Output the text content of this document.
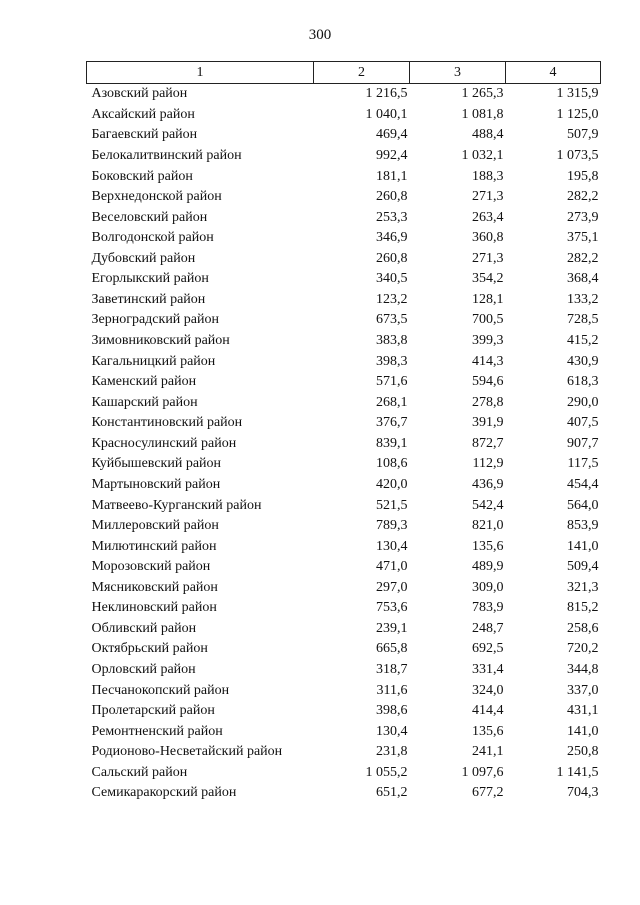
300
1	2	3	4
Азовский район	1 216,5	1 265,3	1 315,9
Аксайский район	1 040,1	1 081,8	1 125,0
Багаевский район	469,4	488,4	507,9
Белокалитвинский район	992,4	1 032,1	1 073,5
Боковский район	181,1	188,3	195,8
Верхнедонской район	260,8	271,3	282,2
Веселовский район	253,3	263,4	273,9
Волгодонской район	346,9	360,8	375,1
Дубовский район	260,8	271,3	282,2
Егорлыкский район	340,5	354,2	368,4
Заветинский район	123,2	128,1	133,2
Зерноградский район	673,5	700,5	728,5
Зимовниковский район	383,8	399,3	415,2
Кагальницкий район	398,3	414,3	430,9
Каменский район	571,6	594,6	618,3
Кашарский район	268,1	278,8	290,0
Константиновский район	376,7	391,9	407,5
Красносулинский район	839,1	872,7	907,7
Куйбышевский район	108,6	112,9	117,5
Мартыновский район	420,0	436,9	454,4
Матвеево-Курганский район	521,5	542,4	564,0
Миллеровский район	789,3	821,0	853,9
Милютинский район	130,4	135,6	141,0
Морозовский район	471,0	489,9	509,4
Мясниковский район	297,0	309,0	321,3
Неклиновский район	753,6	783,9	815,2
Обливский район	239,1	248,7	258,6
Октябрьский район	665,8	692,5	720,2
Орловский район	318,7	331,4	344,8
Песчанокопский район	311,6	324,0	337,0
Пролетарский район	398,6	414,4	431,1
Ремонтненский район	130,4	135,6	141,0
Родионово-Несветайский район	231,8	241,1	250,8
Сальский район	1 055,2	1 097,6	1 141,5
Семикаракорский район	651,2	677,2	704,3
